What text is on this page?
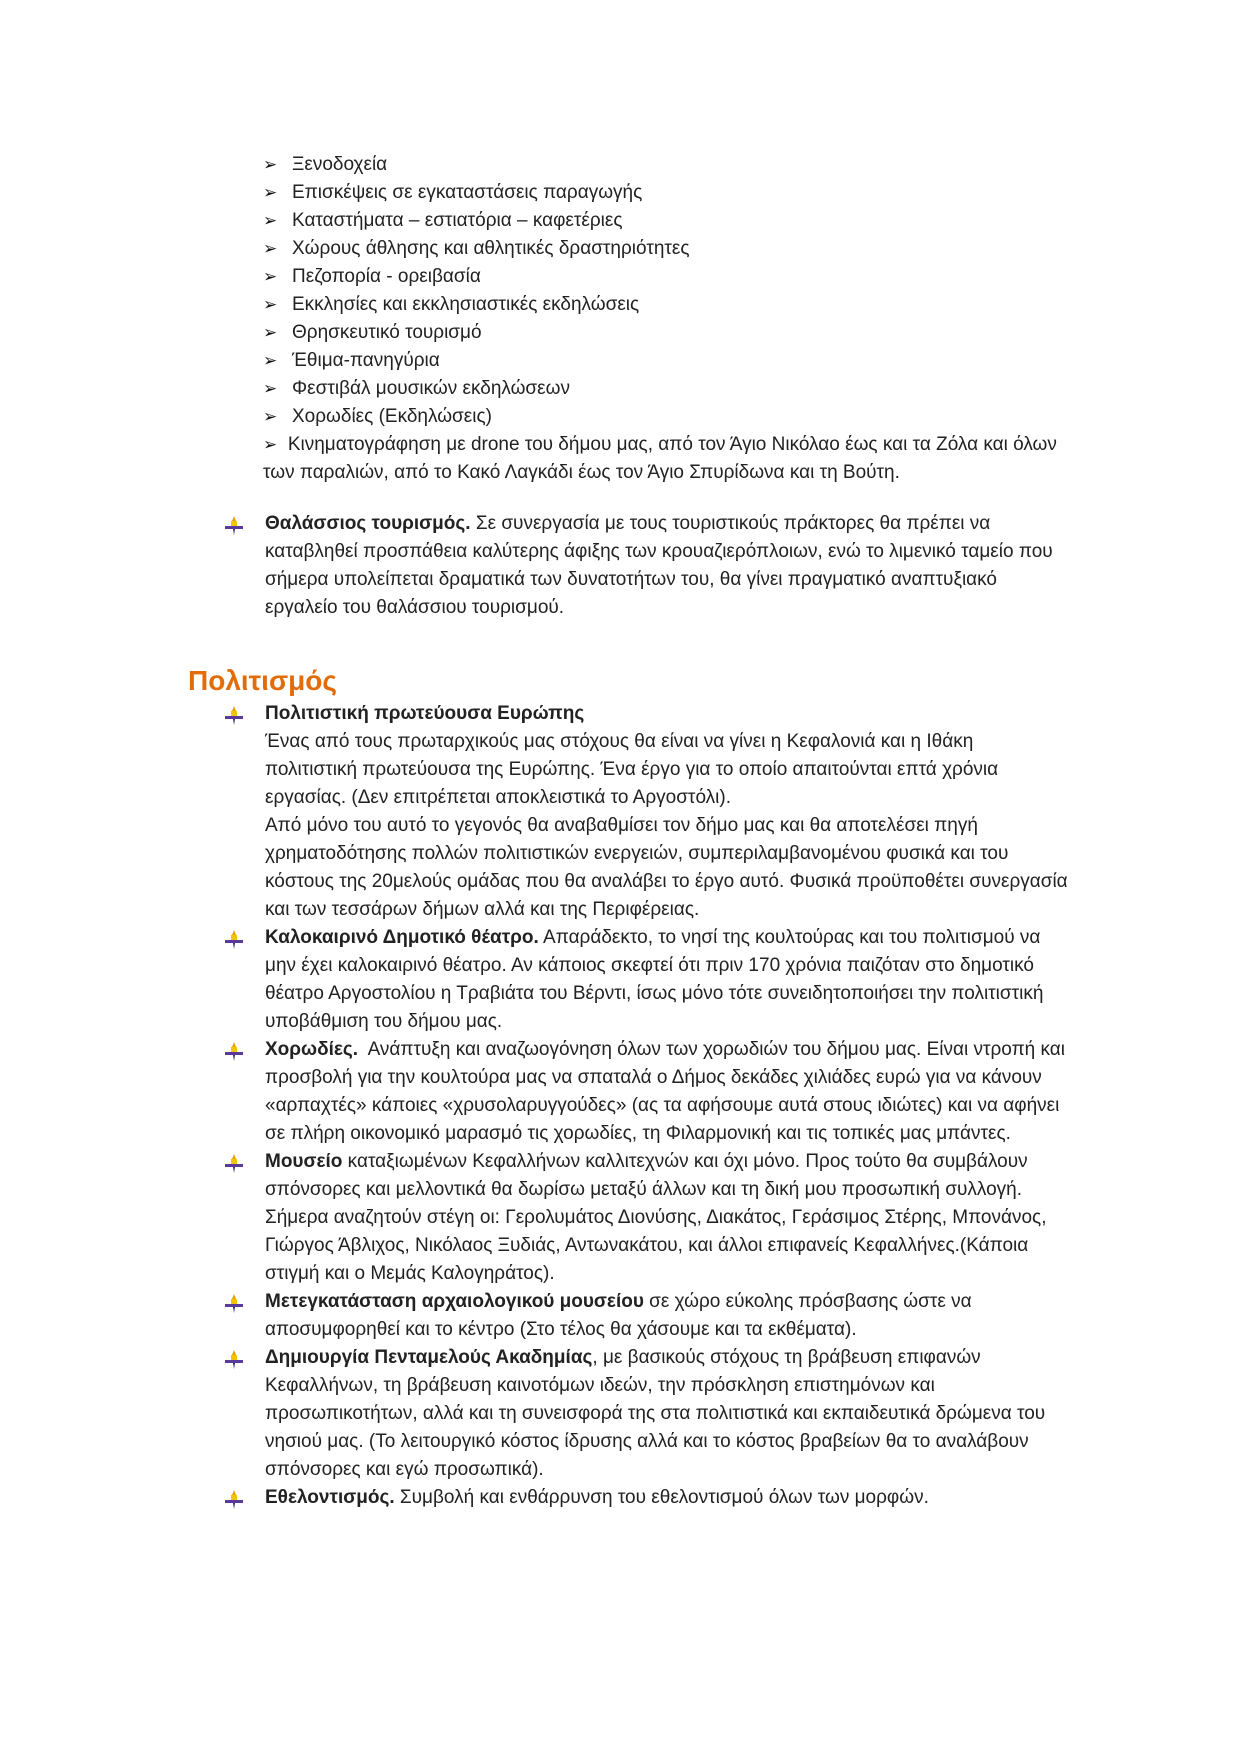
➢ Ξενοδοχεία
➢ Επισκέψεις σε εγκαταστάσεις παραγωγής
➢ Καταστήματα – εστιατόρια – καφετέριες
➢ Χώρους άθλησης και αθλητικές δραστηριότητες
➢ Πεζοπορία - ορειβασία
➢ Εκκλησίες και εκκλησιαστικές εκδηλώσεις
➢ Θρησκευτικό τουρισμό
➢ Έθιμα-πανηγύρια
➢ Φεστιβάλ μουσικών εκδηλώσεων
➢ Χορωδίες (Εκδηλώσεις)
➢ Κινηματογράφηση με drone του δήμου μας, από τον Άγιο Νικόλαο έως και τα Ζόλα και όλων των παραλιών, από το Κακό Λαγκάδι έως τον Άγιο Σπυρίδωνα και τη Βούτη.
Θαλάσσιος τουρισμός. Σε συνεργασία με τους τουριστικούς πράκτορες θα πρέπει να καταβληθεί προσπάθεια καλύτερης άφιξης των κρουαζιερόπλοιων, ενώ το λιμενικό ταμείο που σήμερα υπολείπεται δραματικά των δυνατοτήτων του, θα γίνει πραγματικό αναπτυξιακό εργαλείο του θαλάσσιου τουρισμού.
Πολιτισμός
Πολιτιστική πρωτεύουσα Ευρώπης
Ένας από τους πρωταρχικούς μας στόχους θα είναι να γίνει η Κεφαλονιά και η Ιθάκη πολιτιστική πρωτεύουσα της Ευρώπης. Ένα έργο για το οποίο απαιτούνται επτά χρόνια εργασίας. (Δεν επιτρέπεται αποκλειστικά το Αργοστόλι).
Από μόνο του αυτό το γεγονός θα αναβαθμίσει τον δήμο μας και θα αποτελέσει πηγή χρηματοδότησης πολλών πολιτιστικών ενεργειών, συμπεριλαμβανομένου φυσικά και του κόστους της 20μελούς ομάδας που θα αναλάβει το έργο αυτό. Φυσικά προϋποθέτει συνεργασία και των τεσσάρων δήμων αλλά και της Περιφέρειας.
Καλοκαιρινό Δημοτικό θέατρο. Απαράδεκτο, το νησί της κουλτούρας και του πολιτισμού να μην έχει καλοκαιρινό θέατρο. Αν κάποιος σκεφτεί ότι πριν 170 χρόνια παιζόταν στο δημοτικό θέατρο Αργοστολίου η Τραβιάτα του Βέρντι, ίσως μόνο τότε συνειδητοποιήσει την πολιτιστική υποβάθμιση του δήμου μας.
Χορωδίες.  Ανάπτυξη και αναζωογόνηση όλων των χορωδιών του δήμου μας. Είναι ντροπή και προσβολή για την κουλτούρα μας να σπαταλά ο Δήμος δεκάδες χιλιάδες ευρώ για να κάνουν «αρπαχτές» κάποιες «χρυσολαρυγγούδες» (ας τα αφήσουμε αυτά στους ιδιώτες) και να αφήνει σε πλήρη οικονομικό μαρασμό τις χορωδίες, τη Φιλαρμονική και τις τοπικές μας μπάντες.
Μουσείο καταξιωμένων Κεφαλλήνων καλλιτεχνών και όχι μόνο. Προς τούτο θα συμβάλουν σπόνσορες και μελλοντικά θα δωρίσω μεταξύ άλλων και τη δική μου προσωπική συλλογή. Σήμερα αναζητούν στέγη οι: Γερολυμάτος Διονύσης, Διακάτος, Γεράσιμος Στέρης, Μπονάνος, Γιώργος Άβλιχος, Νικόλαος Ξυδιάς, Αντωνακάτου, και άλλοι επιφανείς Κεφαλλήνες.(Κάποια στιγμή και ο Μεμάς Καλογηράτος).
Μετεγκατάσταση αρχαιολογικού μουσείου σε χώρο εύκολης πρόσβασης ώστε να αποσυμφορηθεί και το κέντρο (Στο τέλος θα χάσουμε και τα εκθέματα).
Δημιουργία Πενταμελούς Ακαδημίας, με βασικούς στόχους τη βράβευση επιφανών Κεφαλλήνων, τη βράβευση καινοτόμων ιδεών, την πρόσκληση επιστημόνων και προσωπικοτήτων, αλλά και τη συνεισφορά της στα πολιτιστικά και εκπαιδευτικά δρώμενα του νησιού μας. (Το λειτουργικό κόστος ίδρυσης αλλά και το κόστος βραβείων θα το αναλάβουν σπόνσορες και εγώ προσωπικά).
Εθελοντισμός. Συμβολή και ενθάρρυνση του εθελοντισμού όλων των μορφών.
